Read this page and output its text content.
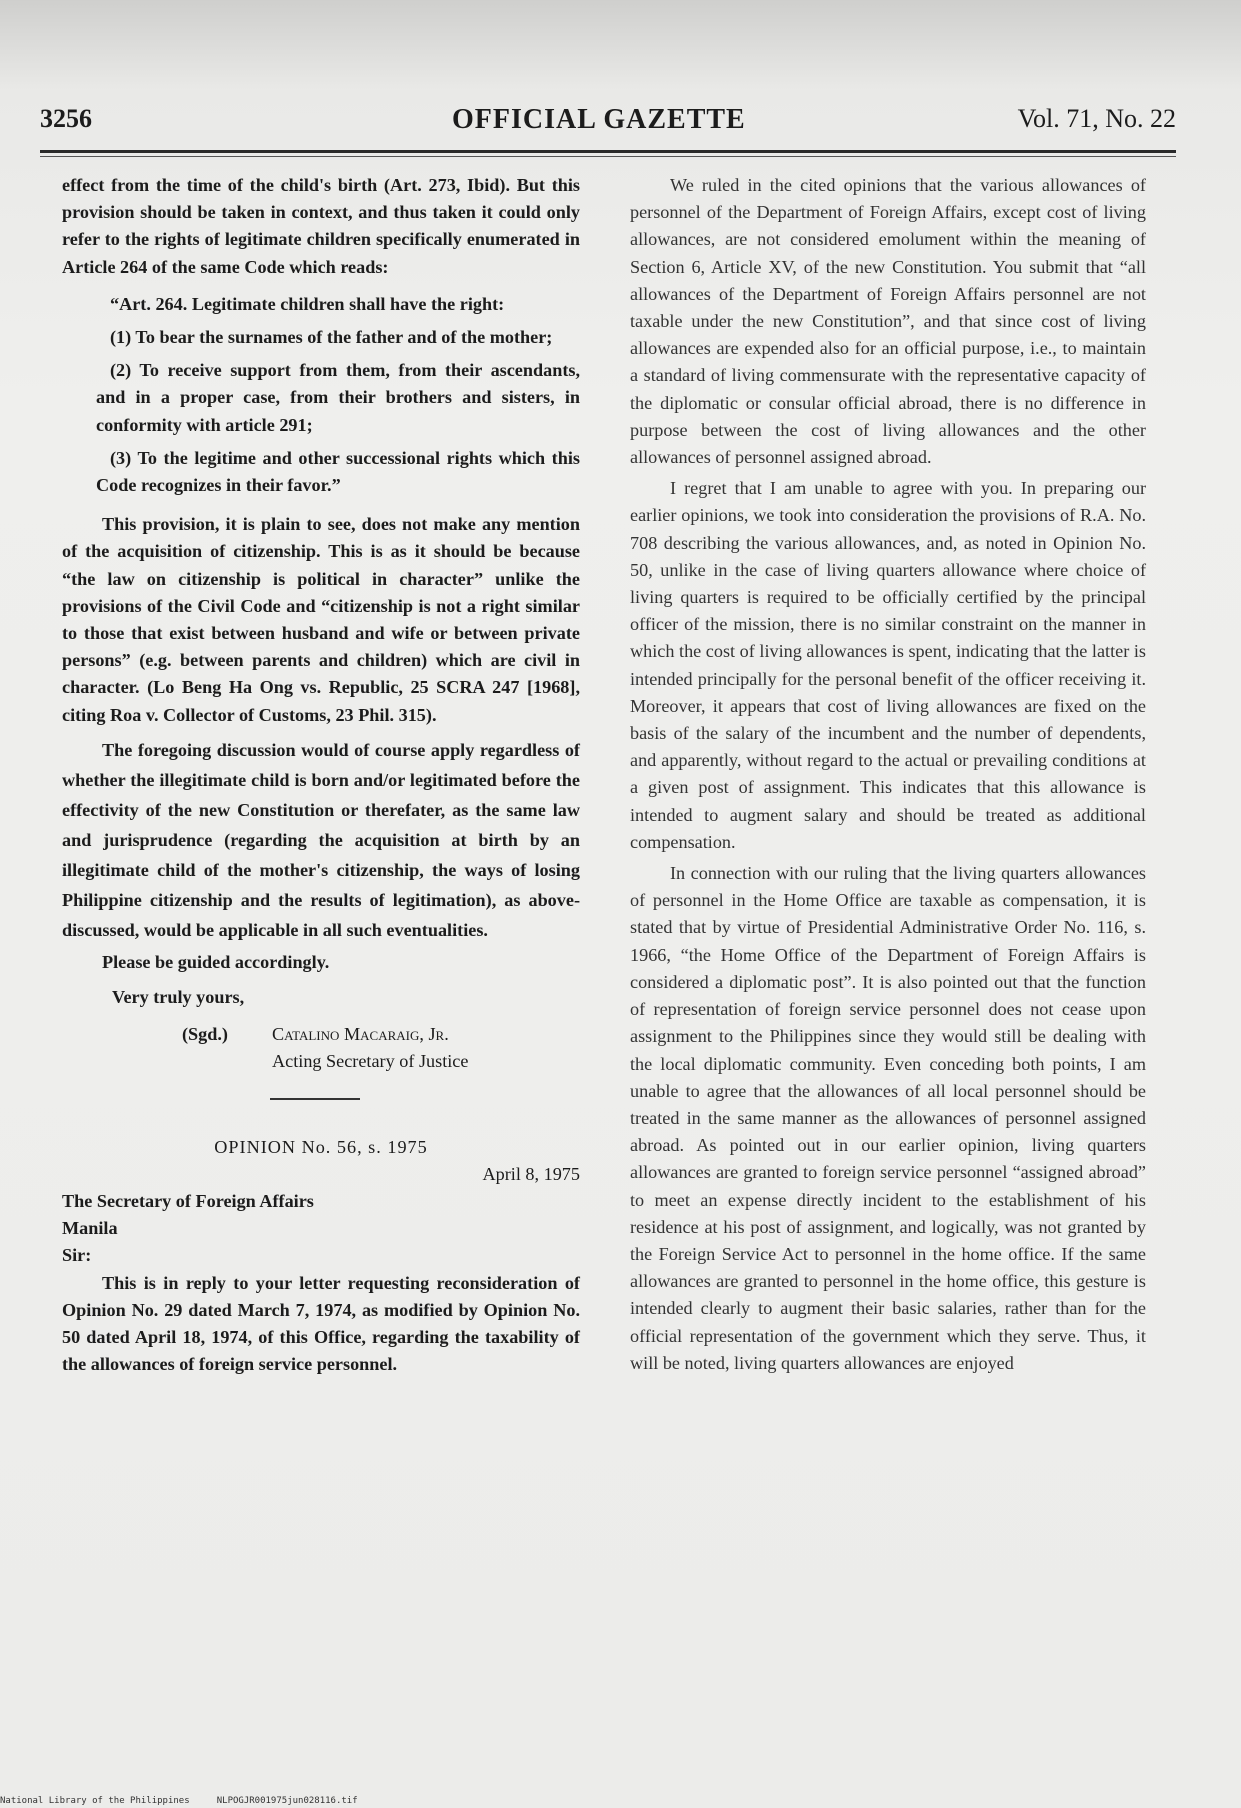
3256	OFFICIAL GAZETTE	Vol. 71, No. 22

effect from the time of the child's birth (Art. 273, Ibid). But this provision should be taken in context, and thus taken it could only refer to the rights of legitimate children specifically enumerated in Article 264 of the same Code which reads:

“Art. 264. Legitimate children shall have the right:

(1) To bear the surnames of the father and of the mother;

(2) To receive support from them, from their ascendants, and in a proper case, from their brothers and sisters, in conformity with article 291;

(3) To the legitime and other successional rights which this Code recognizes in their favor.”

This provision, it is plain to see, does not make any mention of the acquisition of citizenship. This is as it should be because “the law on citizenship is political in character” unlike the provisions of the Civil Code and “citizenship is not a right similar to those that exist between husband and wife or between private persons” (e.g. between parents and children) which are civil in character. (Lo Beng Ha Ong vs. Republic, 25 SCRA 247 [1968], citing Roa v. Collector of Customs, 23 Phil. 315).

The foregoing discussion would of course apply regardless of whether the illegitimate child is born and/or legitimated before the effectivity of the new Constitution or therefater, as the same law and jurisprudence (regarding the acquisition at birth by an illegitimate child of the mother's citizenship, the ways of losing Philippine citizenship and the results of legitimation), as above-discussed, would be applicable in all such eventualities.

Please be guided accordingly.

Very truly yours,

(Sgd.)	Catalino Macaraig, Jr.
Acting Secretary of Justice

OPINION No. 56, s. 1975

April 8, 1975

The Secretary of Foreign Affairs

Manila

Sir:

This is in reply to your letter requesting reconsideration of Opinion No. 29 dated March 7, 1974, as modified by Opinion No. 50 dated April 18, 1974, of this Office, regarding the taxability of the allowances of foreign service personnel.

We ruled in the cited opinions that the various allowances of personnel of the Department of Foreign Affairs, except cost of living allowances, are not considered emolument within the meaning of Section 6, Article XV, of the new Constitution. You submit that “all allowances of the Department of Foreign Affairs personnel are not taxable under the new Constitution”, and that since cost of living allowances are expended also for an official purpose, i.e., to maintain a standard of living commensurate with the representative capacity of the diplomatic or consular official abroad, there is no difference in purpose between the cost of living allowances and the other allowances of personnel assigned abroad.

I regret that I am unable to agree with you. In preparing our earlier opinions, we took into consideration the provisions of R.A. No. 708 describing the various allowances, and, as noted in Opinion No. 50, unlike in the case of living quarters allowance where choice of living quarters is required to be officially certified by the principal officer of the mission, there is no similar constraint on the manner in which the cost of living allowances is spent, indicating that the latter is intended principally for the personal benefit of the officer receiving it. Moreover, it appears that cost of living allowances are fixed on the basis of the salary of the incumbent and the number of dependents, and apparently, without regard to the actual or prevailing conditions at a given post of assignment. This indicates that this allowance is intended to augment salary and should be treated as additional compensation.

In connection with our ruling that the living quarters allowances of personnel in the Home Office are taxable as compensation, it is stated that by virtue of Presidential Administrative Order No. 116, s. 1966, “the Home Office of the Department of Foreign Affairs is considered a diplomatic post”. It is also pointed out that the function of representation of foreign service personnel does not cease upon assignment to the Philippines since they would still be dealing with the local diplomatic community. Even conceding both points, I am unable to agree that the allowances of all local personnel should be treated in the same manner as the allowances of personnel assigned abroad. As pointed out in our earlier opinion, living quarters allowances are granted to foreign service personnel “assigned abroad” to meet an expense directly incident to the establishment of his residence at his post of assignment, and logically, was not granted by the Foreign Service Act to personnel in the home office. If the same allowances are granted to personnel in the home office, this gesture is intended clearly to augment their basic salaries, rather than for the official representation of the government which they serve. Thus, it will be noted, living quarters allowances are enjoyed

National Library of the Philippines	NLPOGJR001975jun028116.tif
